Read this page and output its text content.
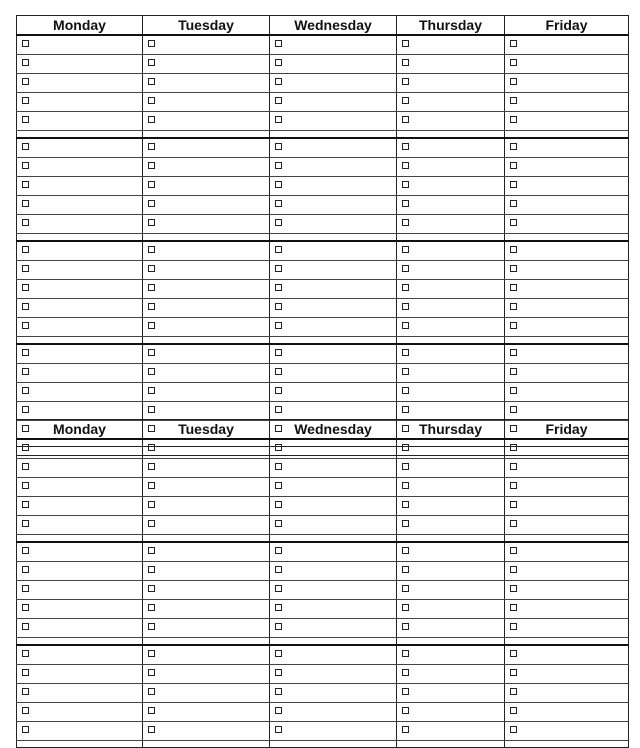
Monday	Tuesday	Wednesday	Thursday	Friday

Monday	Tuesday	Wednesday	Thursday	Friday
